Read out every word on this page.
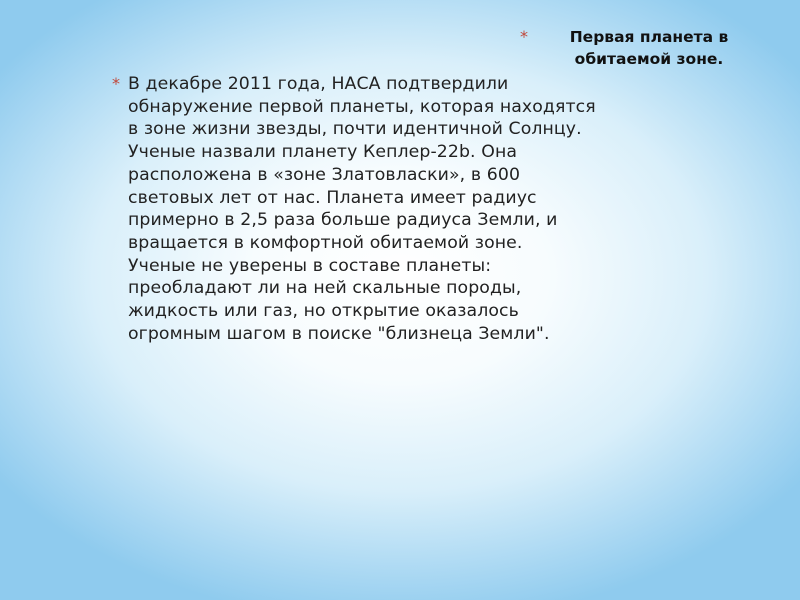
*	Первая планета в
обитаемой зоне.
* В декабре 2011 года, НАСА подтвердили
обнаружение первой планеты, которая находятся
в зоне жизни звезды, почти идентичной Солнцу.
Ученые назвали планету Кеплер-22b. Она
расположена в «зоне Златовласки», в 600
световых лет от нас. Планета имеет радиус
примерно в 2,5 раза больше радиуса Земли, и
вращается в комфортной обитаемой зоне.
Ученые не уверены в составе планеты:
преобладают ли на ней скальные породы,
жидкость или газ, но открытие оказалось
огромным шагом в поиске "близнеца Земли".
